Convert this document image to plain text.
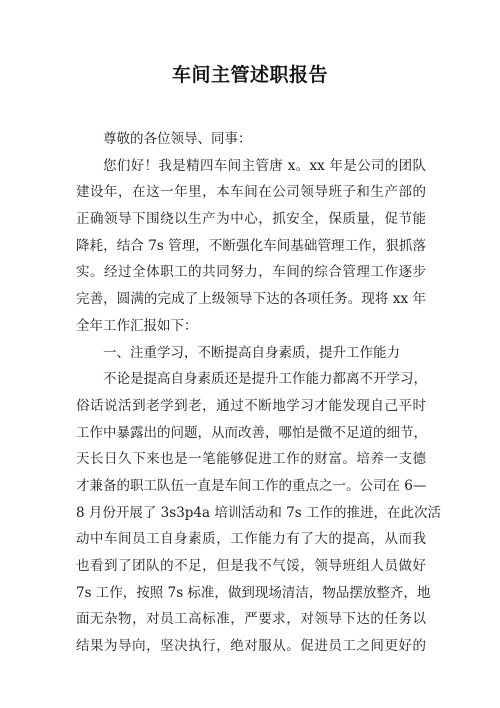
车间主管述职报告
尊敬的各位领导、同事：
您们好！我是精四车间主管唐 x。xx 年是公司的团队
建设年，在这一年里，本车间在公司领导班子和生产部的
正确领导下围绕以生产为中心，抓安全，保质量，促节能
降耗，结合 7s 管理，不断强化车间基础管理工作，狠抓落
实。经过全体职工的共同努力，车间的综合管理工作逐步
完善，圆满的完成了上级领导下达的各项任务。现将 xx 年
全年工作汇报如下：
一、注重学习，不断提高自身素质，提升工作能力
不论是提高自身素质还是提升工作能力都离不开学习，
俗话说活到老学到老，通过不断地学习才能发现自己平时
工作中暴露出的问题，从而改善，哪怕是微不足道的细节，
天长日久下来也是一笔能够促进工作的财富。培养一支德
才兼备的职工队伍一直是车间工作的重点之一。公司在 6—
8 月份开展了 3s3p4a 培训活动和 7s 工作的推进，在此次活
动中车间员工自身素质，工作能力有了大的提高，从而我
也看到了团队的不足，但是我不气馁，领导班组人员做好
7s 工作，按照 7s 标准，做到现场清洁，物品摆放整齐，地
面无杂物，对员工高标准，严要求，对领导下达的任务以
结果为导向，坚决执行，绝对服从。促进员工之间更好的
